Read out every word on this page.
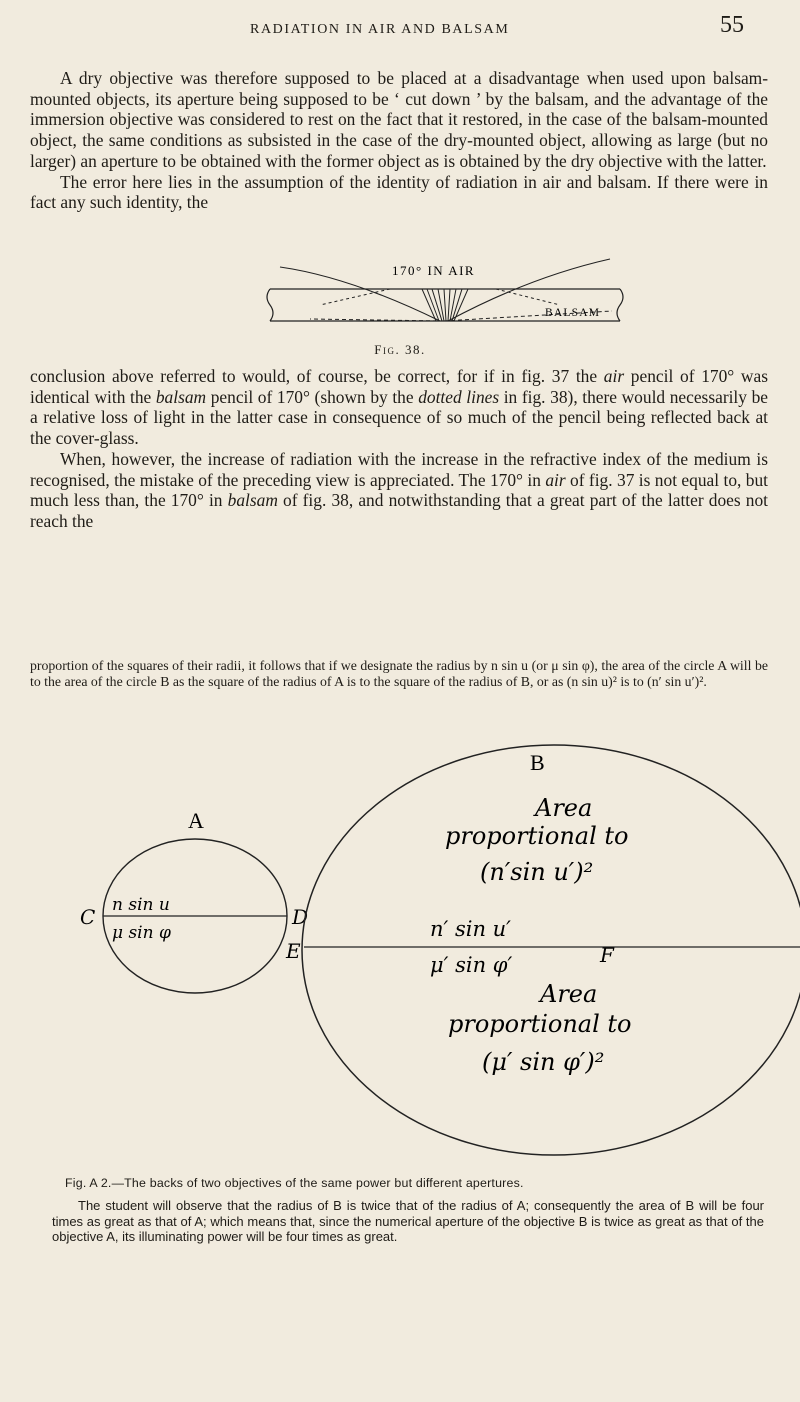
RADIATION IN AIR AND BALSAM	55

A dry objective was therefore supposed to be placed at a disadvantage when used upon balsam-mounted objects, its aperture being supposed to be ‘ cut down ’ by the balsam, and the advantage of the immersion objective was considered to rest on the fact that it restored, in the case of the balsam-mounted object, the same conditions as subsisted in the case of the dry-mounted object, allowing as large (but no larger) an aperture to be obtained with the former object as is obtained by the dry objective with the latter.
The error here lies in the assumption of the identity of radiation in air and balsam. If there were in fact any such identity, the

170° IN AIR
BALSAM
Fig. 38.

conclusion above referred to would, of course, be correct, for if in fig. 37 the air pencil of 170° was identical with the balsam pencil of 170° (shown by the dotted lines in fig. 38), there would necessarily be a relative loss of light in the latter case in consequence of so much of the pencil being reflected back at the cover-glass.
When, however, the increase of radiation with the increase in the refractive index of the medium is recognised, the mistake of the preceding view is appreciated. The 170° in air of fig. 37 is not equal to, but much less than, the 170° in balsam of fig. 38, and notwithstanding that a great part of the latter does not reach the

proportion of the squares of their radii, it follows that if we designate the radius by n sin u (or μ sin φ), the area of the circle A will be to the area of the circle B as the square of the radius of A is to the square of the radius of B, or as (n sin u)² is to (n′ sin u′)².

B
A
C	D
n sin u
μ sin φ
E	F
Area
proportional to
(n′sin u′)²
n′ sin u′
μ′ sin φ′
Area
proportional to
(μ′ sin φ′)²
Fig. A 2.—The backs of two objectives of the same power but different apertures.

The student will observe that the radius of B is twice that of the radius of A; consequently the area of B will be four times as great as that of A; which means that, since the numerical aperture of the objective B is twice as great as that of the objective A, its illuminating power will be four times as great.
